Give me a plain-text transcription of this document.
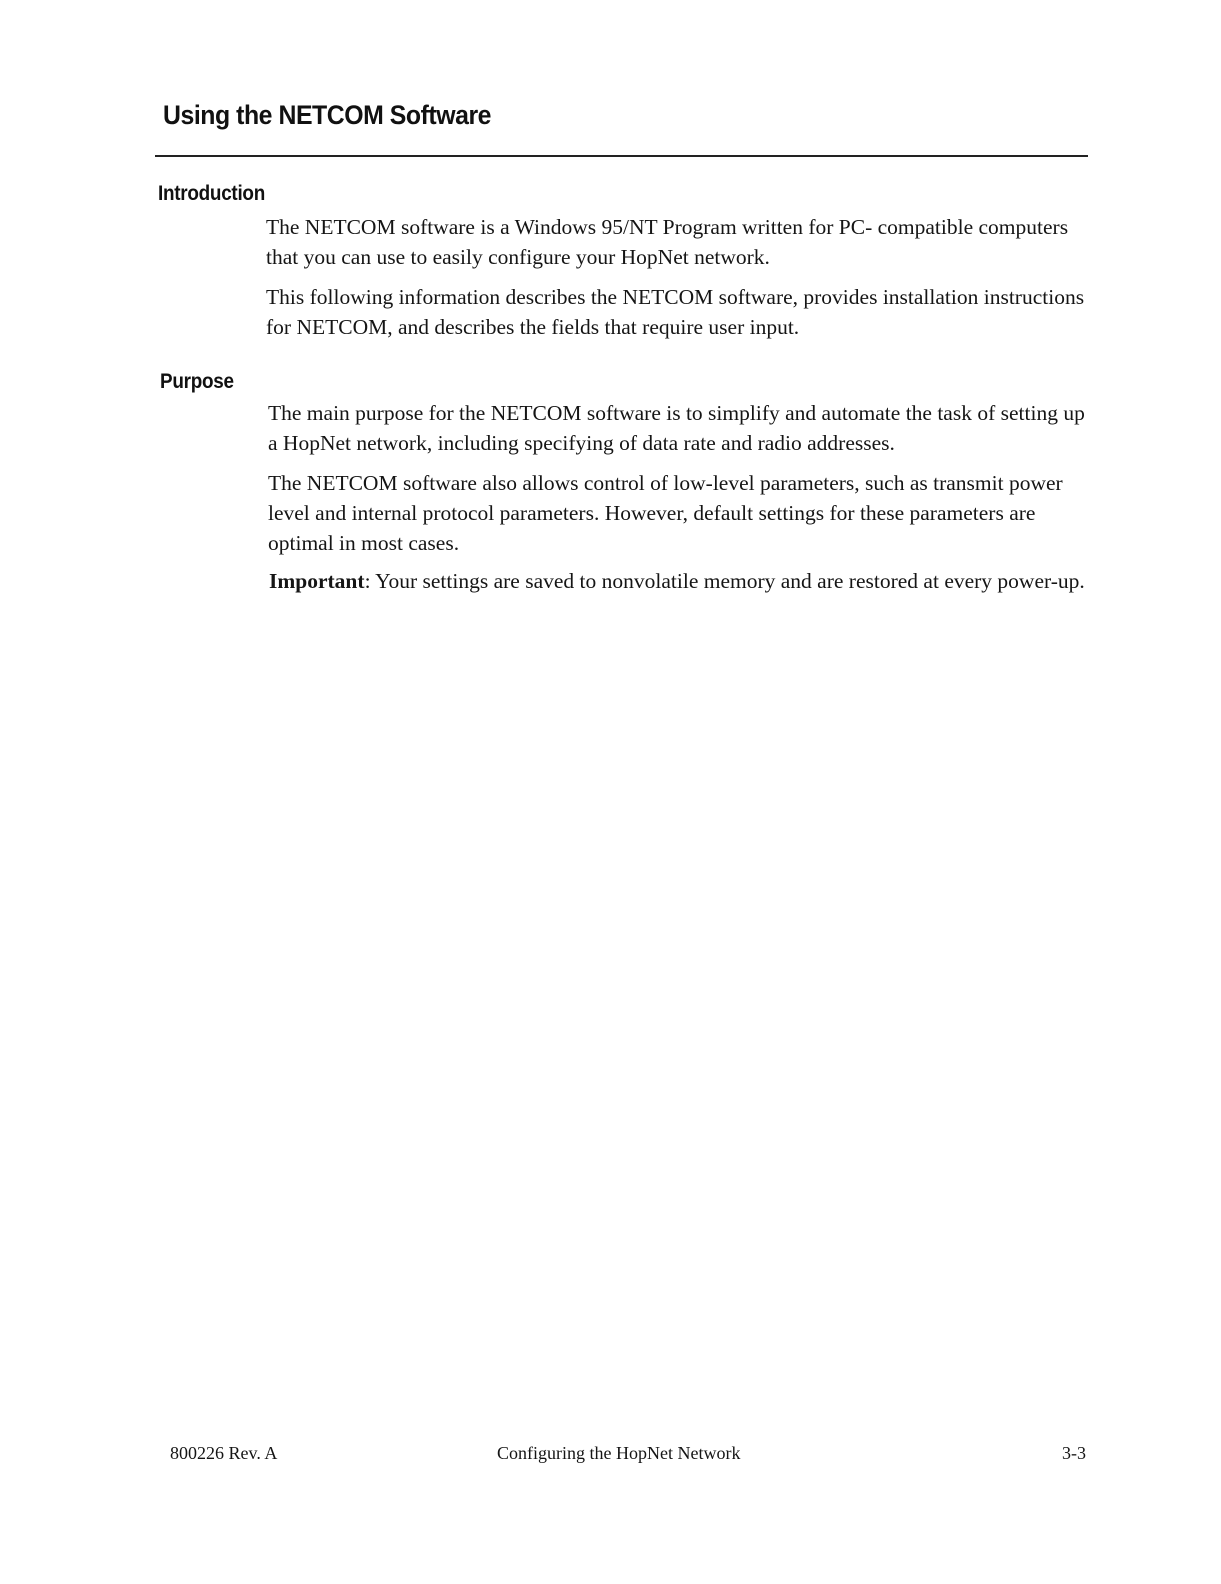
Using the NETCOM Software
Introduction

The NETCOM software is a Windows 95/NT Program written for PC- compatible computers that you can use to easily configure your HopNet network.

This following information describes the NETCOM software, provides installation instructions for NETCOM, and describes the fields that require user input.

Purpose

The main purpose for the NETCOM software is to simplify and automate the task of setting up a HopNet network, including specifying of data rate and radio addresses.

The NETCOM software also allows control of low-level parameters, such as transmit power level and internal protocol parameters. However, default settings for these parameters are optimal in most cases.

Important: Your settings are saved to nonvolatile memory and are restored at every power-up.

800226 Rev. A	Configuring the HopNet Network	3-3
